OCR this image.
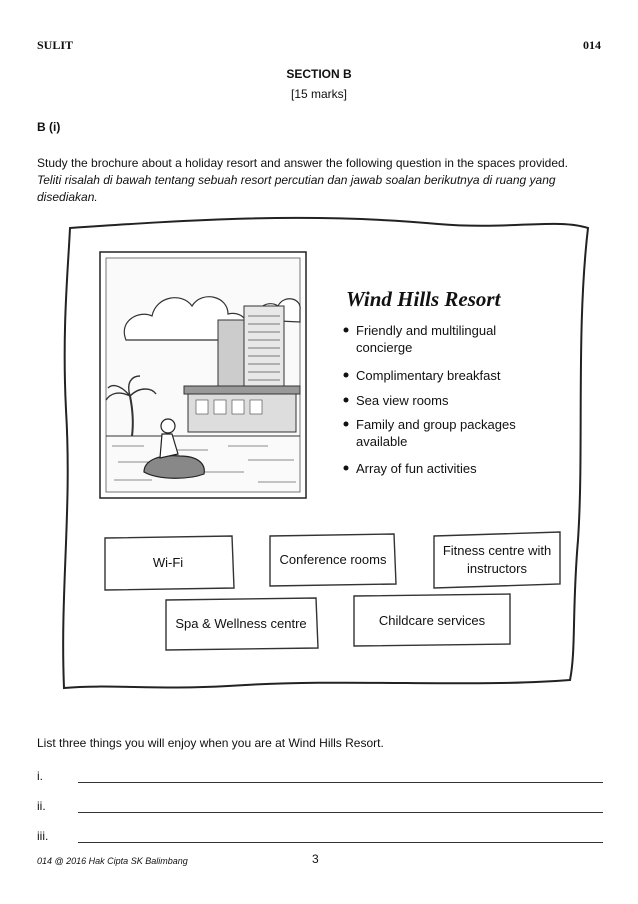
SULIT	014
SECTION B
[15 marks]
B (i)
Study the brochure about a holiday resort and answer the following question in the spaces provided.
Teliti risalah di bawah tentang sebuah resort percutian dan jawab soalan berikutnya di ruang yang disediakan.
Wind Hills Resort
Friendly and multilingual
concierge
Complimentary breakfast
Sea view rooms
Family and group packages
available
Array of fun activities
Wi-Fi	Conference rooms
Fitness centre with
instructors
Spa & Wellness centre	Childcare services
List three things you will enjoy when you are at Wind Hills Resort.
i.
ii.
iii.
014 @ 2016 Hak Cipta SK Balimbang	3
